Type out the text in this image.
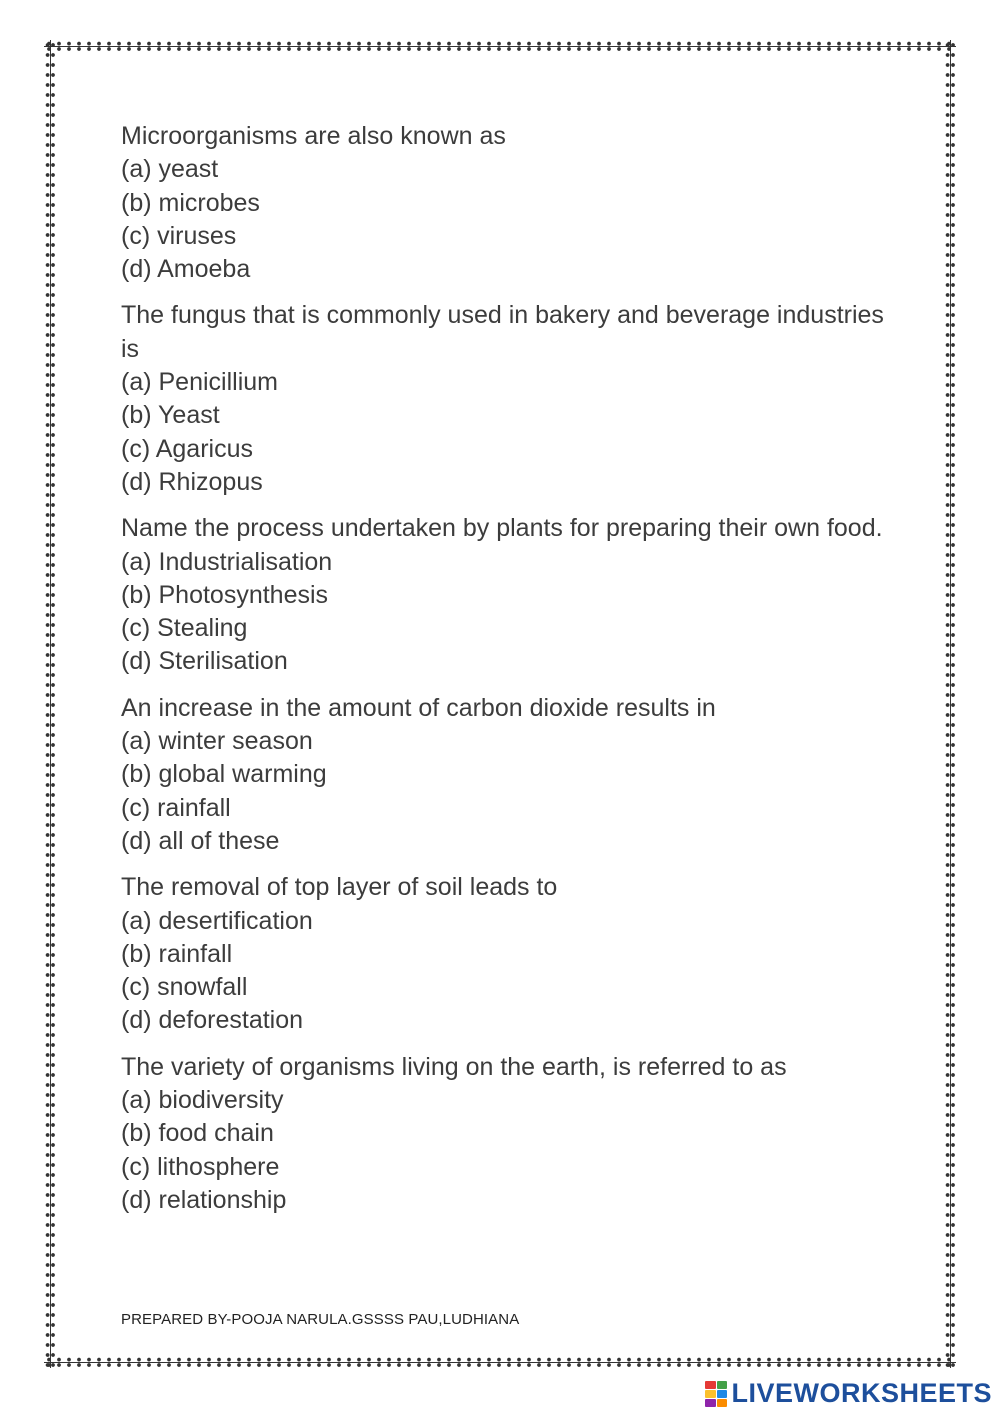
Microorganisms are also known as

(a) yeast
(b) microbes
(c) viruses
(d) Amoeba

The fungus that is commonly used in bakery and beverage industries is

(a) Penicillium
(b) Yeast
(c) Agaricus
(d) Rhizopus

Name the process undertaken by plants for preparing their own food.

(a) Industrialisation
(b) Photosynthesis
(c) Stealing
(d) Sterilisation

An increase in the amount of carbon dioxide results in

(a) winter season
(b) global warming
(c) rainfall
(d) all of these

The removal of top layer of soil leads to

(a) desertification
(b) rainfall
(c) snowfall
(d) deforestation

The variety of organisms living on the earth, is referred to as

(a) biodiversity
(b) food chain
(c) lithosphere
(d) relationship
PREPARED BY-POOJA NARULA.GSSSS PAU,LUDHIANA
LIVEWORKSHEETS
